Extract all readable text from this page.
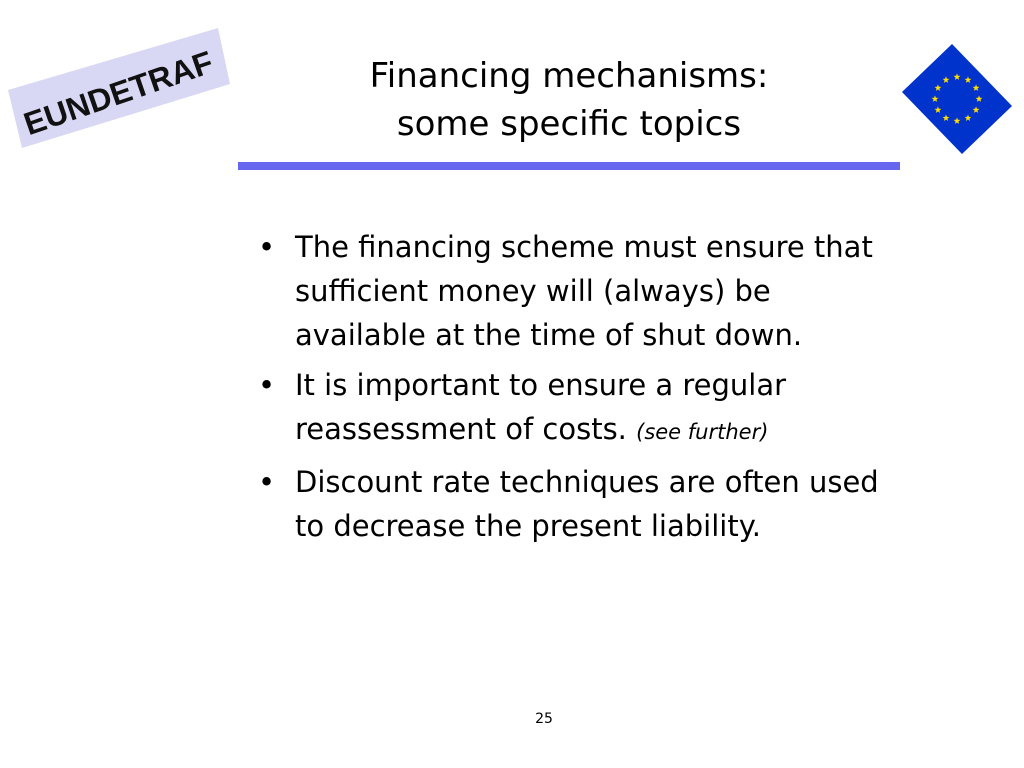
EUNDETRAF	Financing mechanisms:
some specific topics
• The financing scheme must ensure that sufficient money will (always) be available at the time of shut down.
• It is important to ensure a regular reassessment of costs. (see further)
• Discount rate techniques are often used to decrease the present liability.
25
